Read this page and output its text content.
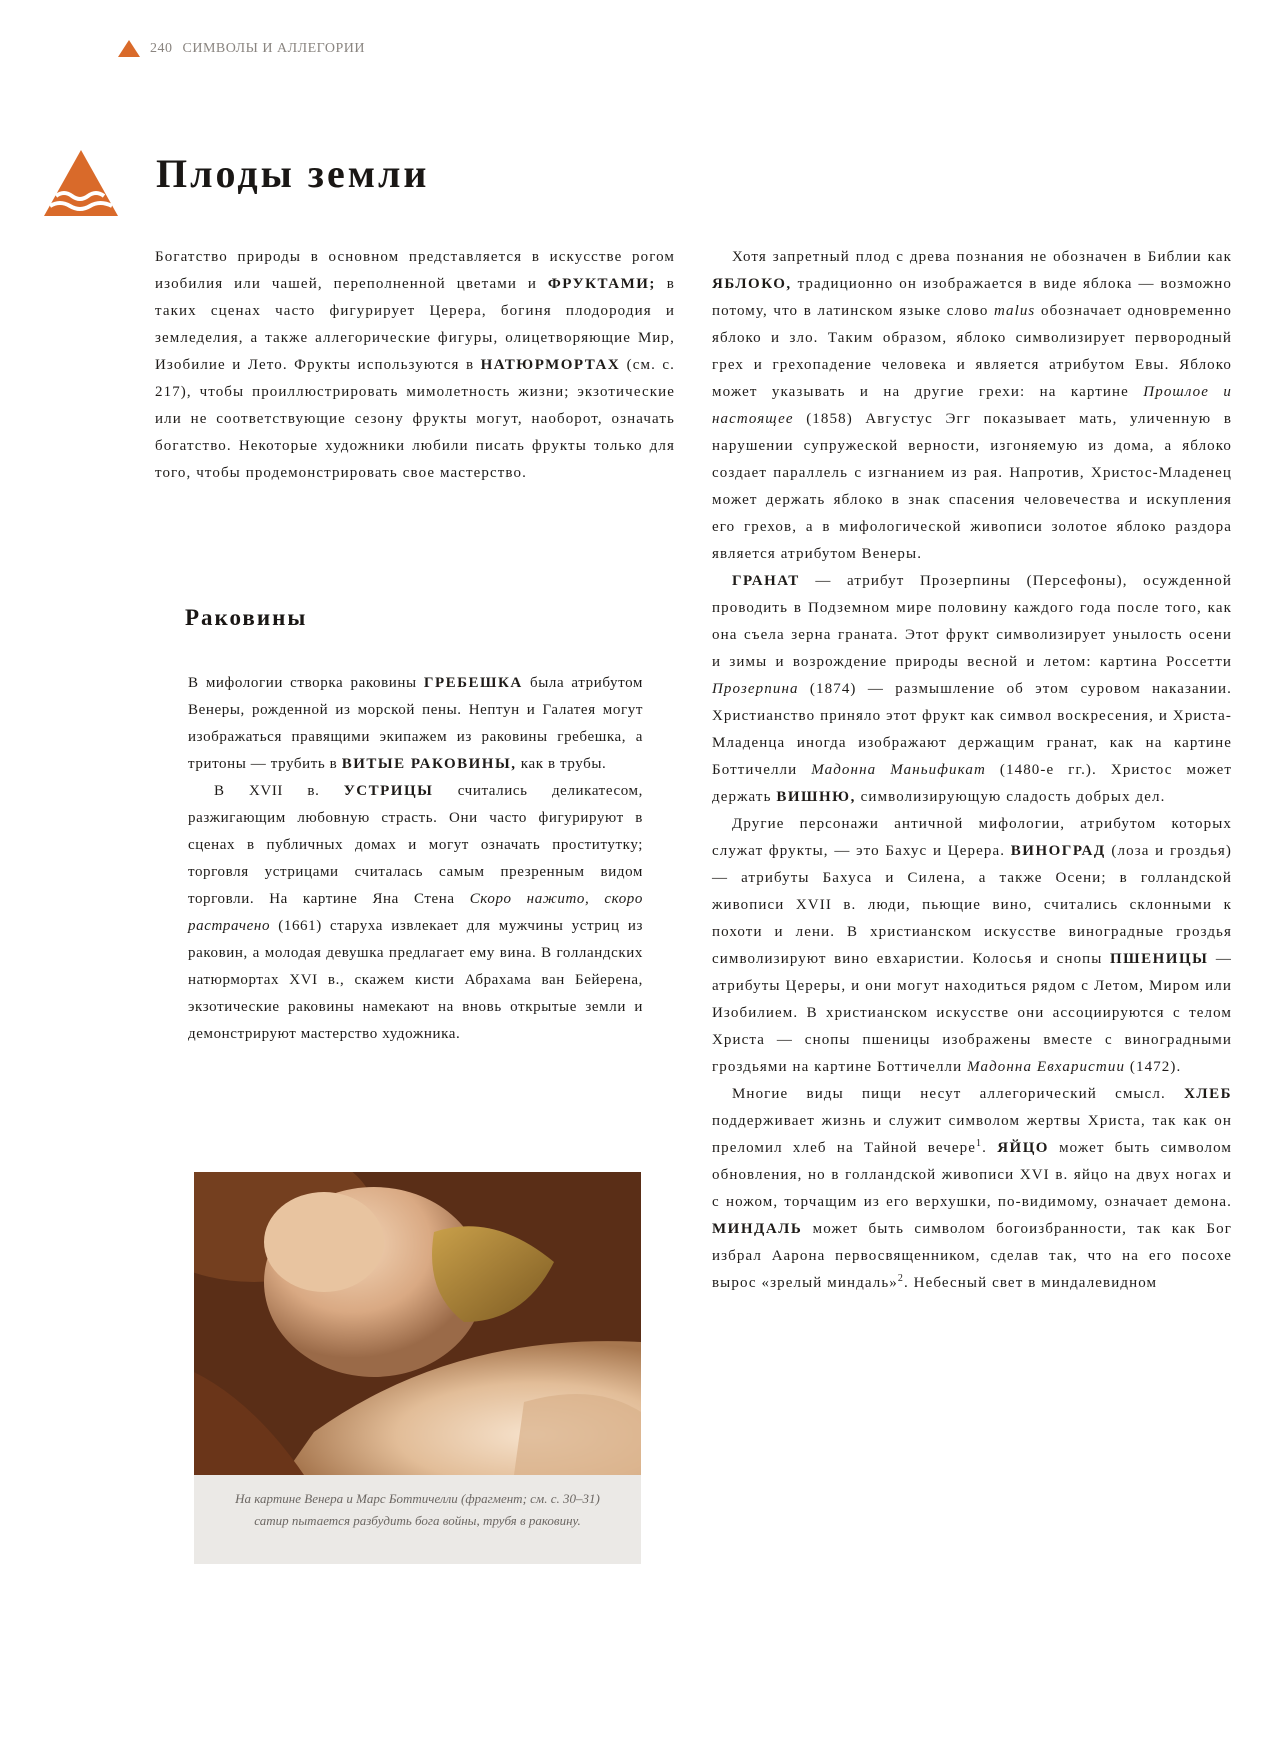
240 СИМВОЛЫ И АЛЛЕГОРИИ
Плоды земли

Богатство природы в основном представляется в искусстве рогом изобилия или чашей, переполненной цветами и ФРУКТАМИ; в таких сценах часто фигурирует Церера, богиня плодородия и земледелия, а также аллегорические фигуры, олицетворяющие Мир, Изобилие и Лето. Фрукты используются в НАТЮРМОРТАХ (см. с. 217), чтобы проиллюстрировать мимолетность жизни; экзотические или не соответствующие сезону фрукты могут, наоборот, означать богатство. Некоторые художники любили писать фрукты только для того, чтобы продемонстрировать свое мастерство.

Раковины

В мифологии створка раковины ГРЕБЕШКА была атрибутом Венеры, рожденной из морской пены. Нептун и Галатея могут изображаться правящими экипажем из раковины гребешка, а тритоны — трубить в ВИТЫЕ РАКОВИНЫ, как в трубы.

В XVII в. УСТРИЦЫ считались деликатесом, разжигающим любовную страсть. Они часто фигурируют в сценах в публичных домах и могут означать проститутку; торговля устрицами считалась самым презренным видом торговли. На картине Яна Стена Скоро нажито, скоро растрачено (1661) старуха извлекает для мужчины устриц из раковин, а молодая девушка предлагает ему вина. В голландских натюрмортах XVI в., скажем кисти Абрахама ван Бейерена, экзотические раковины намекают на вновь открытые земли и демонстрируют мастерство художника.

На картине Венера и Марс Боттичелли (фрагмент; см. с. 30–31) сатир пытается разбудить бога войны, трубя в раковину.

Хотя запретный плод с древа познания не обозначен в Библии как ЯБЛОКО, традиционно он изображается в виде яблока — возможно потому, что в латинском языке слово malus обозначает одновременно яблоко и зло. Таким образом, яблоко символизирует первородный грех и грехопадение человека и является атрибутом Евы. Яблоко может указывать и на другие грехи: на картине Прошлое и настоящее (1858) Августус Эгг показывает мать, уличенную в нарушении супружеской верности, изгоняемую из дома, а яблоко создает параллель с изгнанием из рая. Напротив, Христос-Младенец может держать яблоко в знак спасения человечества и искупления его грехов, а в мифологической живописи золотое яблоко раздора является атрибутом Венеры.

ГРАНАТ — атрибут Прозерпины (Персефоны), осужденной проводить в Подземном мире половину каждого года после того, как она съела зерна граната. Этот фрукт символизирует унылость осени и зимы и возрождение природы весной и летом: картина Россетти Прозерпина (1874) — размышление об этом суровом наказании. Христианство приняло этот фрукт как символ воскресения, и Христа-Младенца иногда изображают держащим гранат, как на картине Боттичелли Мадонна Маньификат (1480-е гг.). Христос может держать ВИШНЮ, символизирующую сладость добрых дел.

Другие персонажи античной мифологии, атрибутом которых служат фрукты, — это Бахус и Церера. ВИНОГРАД (лоза и гроздья) — атрибуты Бахуса и Силена, а также Осени; в голландской живописи XVII в. люди, пьющие вино, считались склонными к похоти и лени. В христианском искусстве виноградные гроздья символизируют вино евхаристии. Колосья и снопы ПШЕНИЦЫ — атрибуты Цереры, и они могут находиться рядом с Летом, Миром или Изобилием. В христианском искусстве они ассоциируются с телом Христа — снопы пшеницы изображены вместе с виноградными гроздьями на картине Боттичелли Мадонна Евхаристии (1472).

Многие виды пищи несут аллегорический смысл. ХЛЕБ поддерживает жизнь и служит символом жертвы Христа, так как он преломил хлеб на Тайной вечере$^1$. ЯЙЦО может быть символом обновления, но в голландской живописи XVI в. яйцо на двух ногах и с ножом, торчащим из его верхушки, по-видимому, означает демона. МИНДАЛЬ может быть символом богоизбранности, так как Бог избрал Аарона первосвященником, сделав так, что на его посохе вырос «зрелый миндаль»$^2$. Небесный свет в миндалевидном
